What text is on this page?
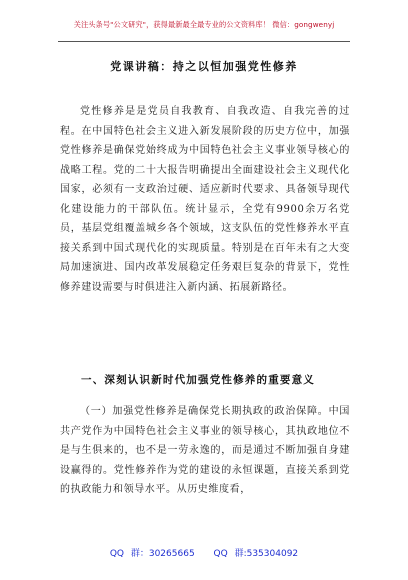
关注头条号"公文研究"，获得最新最全最专业的公文资料库！ 微信：gongwenyj
党课讲稿：持之以恒加强党性修养

党性修养是是党员自我教育、自我改造、自我完善的过程。在中国特色社会主义进入新发展阶段的历史方位中，加强党性修养是确保党始终成为中国特色社会主义事业领导核心的战略工程。党的二十大报告明确提出全面建设社会主义现代化国家，必须有一支政治过硬、适应新时代要求、具备领导现代化建设能力的干部队伍。统计显示，全党有9900余万名党员，基层党组覆盖城乡各个领域，这支队伍的党性修养水平直接关系到中国式现代化的实现质量。特别是在百年未有之大变局加速演进、国内改革发展稳定任务艰巨复杂的背景下，党性修养建设需要与时俱进注入新内涵、拓展新路径。

一、深刻认识新时代加强党性修养的重要意义

（一）加强党性修养是确保党长期执政的政治保障。中国共产党作为中国特色社会主义事业的领导核心，其执政地位不是与生俱来的，也不是一劳永逸的，而是通过不断加强自身建设赢得的。党性修养作为党的建设的永恒课题，直接关系到党的执政能力和领导水平。从历史维度看，

QQ 群：30265665 QQ 群:535304092
